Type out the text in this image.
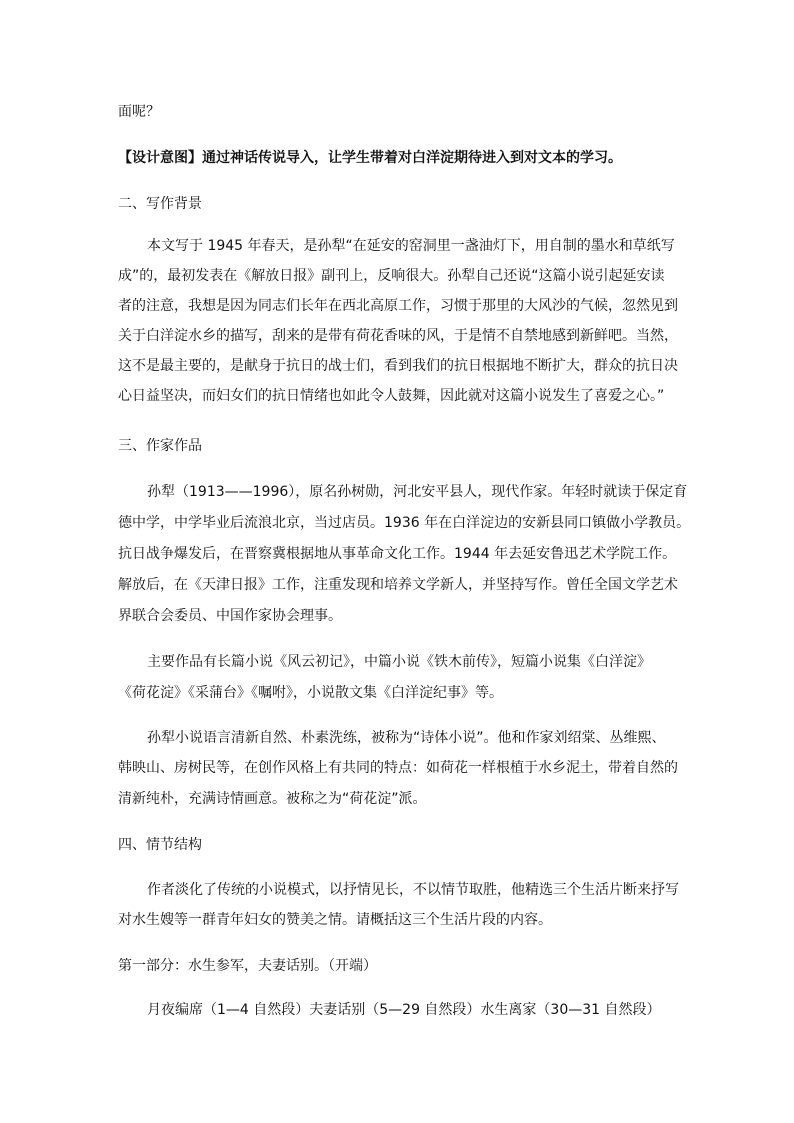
面呢？
【设计意图】通过神话传说导入，让学生带着对白洋淀期待进入到对文本的学习。
二、写作背景
本文写于 1945 年春天，是孙犁“在延安的窑洞里一盏油灯下，用自制的墨水和草纸写
成”的，最初发表在《解放日报》副刊上，反响很大。孙犁自己还说“这篇小说引起延安读
者的注意，我想是因为同志们长年在西北高原工作，习惯于那里的大风沙的气候，忽然见到
关于白洋淀水乡的描写，刮来的是带有荷花香味的风，于是情不自禁地感到新鲜吧。当然，
这不是最主要的，是献身于抗日的战士们，看到我们的抗日根据地不断扩大，群众的抗日决
心日益坚决，而妇女们的抗日情绪也如此令人鼓舞，因此就对这篇小说发生了喜爱之心。”
三、作家作品
孙犁（1913——1996），原名孙树勋，河北安平县人，现代作家。年轻时就读于保定育
德中学，中学毕业后流浪北京，当过店员。1936 年在白洋淀边的安新县同口镇做小学教员。
抗日战争爆发后，在晋察冀根据地从事革命文化工作。1944 年去延安鲁迅艺术学院工作。
解放后，在《天津日报》工作，注重发现和培养文学新人，并坚持写作。曾任全国文学艺术
界联合会委员、中国作家协会理事。
主要作品有长篇小说《风云初记》，中篇小说《铁木前传》，短篇小说集《白洋淀》
《荷花淀》《采蒲台》《嘱咐》，小说散文集《白洋淀纪事》等。
孙犁小说语言清新自然、朴素洗练，被称为“诗体小说”。他和作家刘绍棠、丛维熙、
韩映山、房树民等，在创作风格上有共同的特点：如荷花一样根植于水乡泥土，带着自然的
清新纯朴，充满诗情画意。被称之为“荷花淀”派。
四、情节结构
作者淡化了传统的小说模式，以抒情见长，不以情节取胜，他精选三个生活片断来抒写
对水生嫂等一群青年妇女的赞美之情。请概括这三个生活片段的内容。
第一部分：水生参军，夫妻话别。（开端）
月夜编席（1—4 自然段）夫妻话别（5—29 自然段）水生离家（30—31 自然段）
